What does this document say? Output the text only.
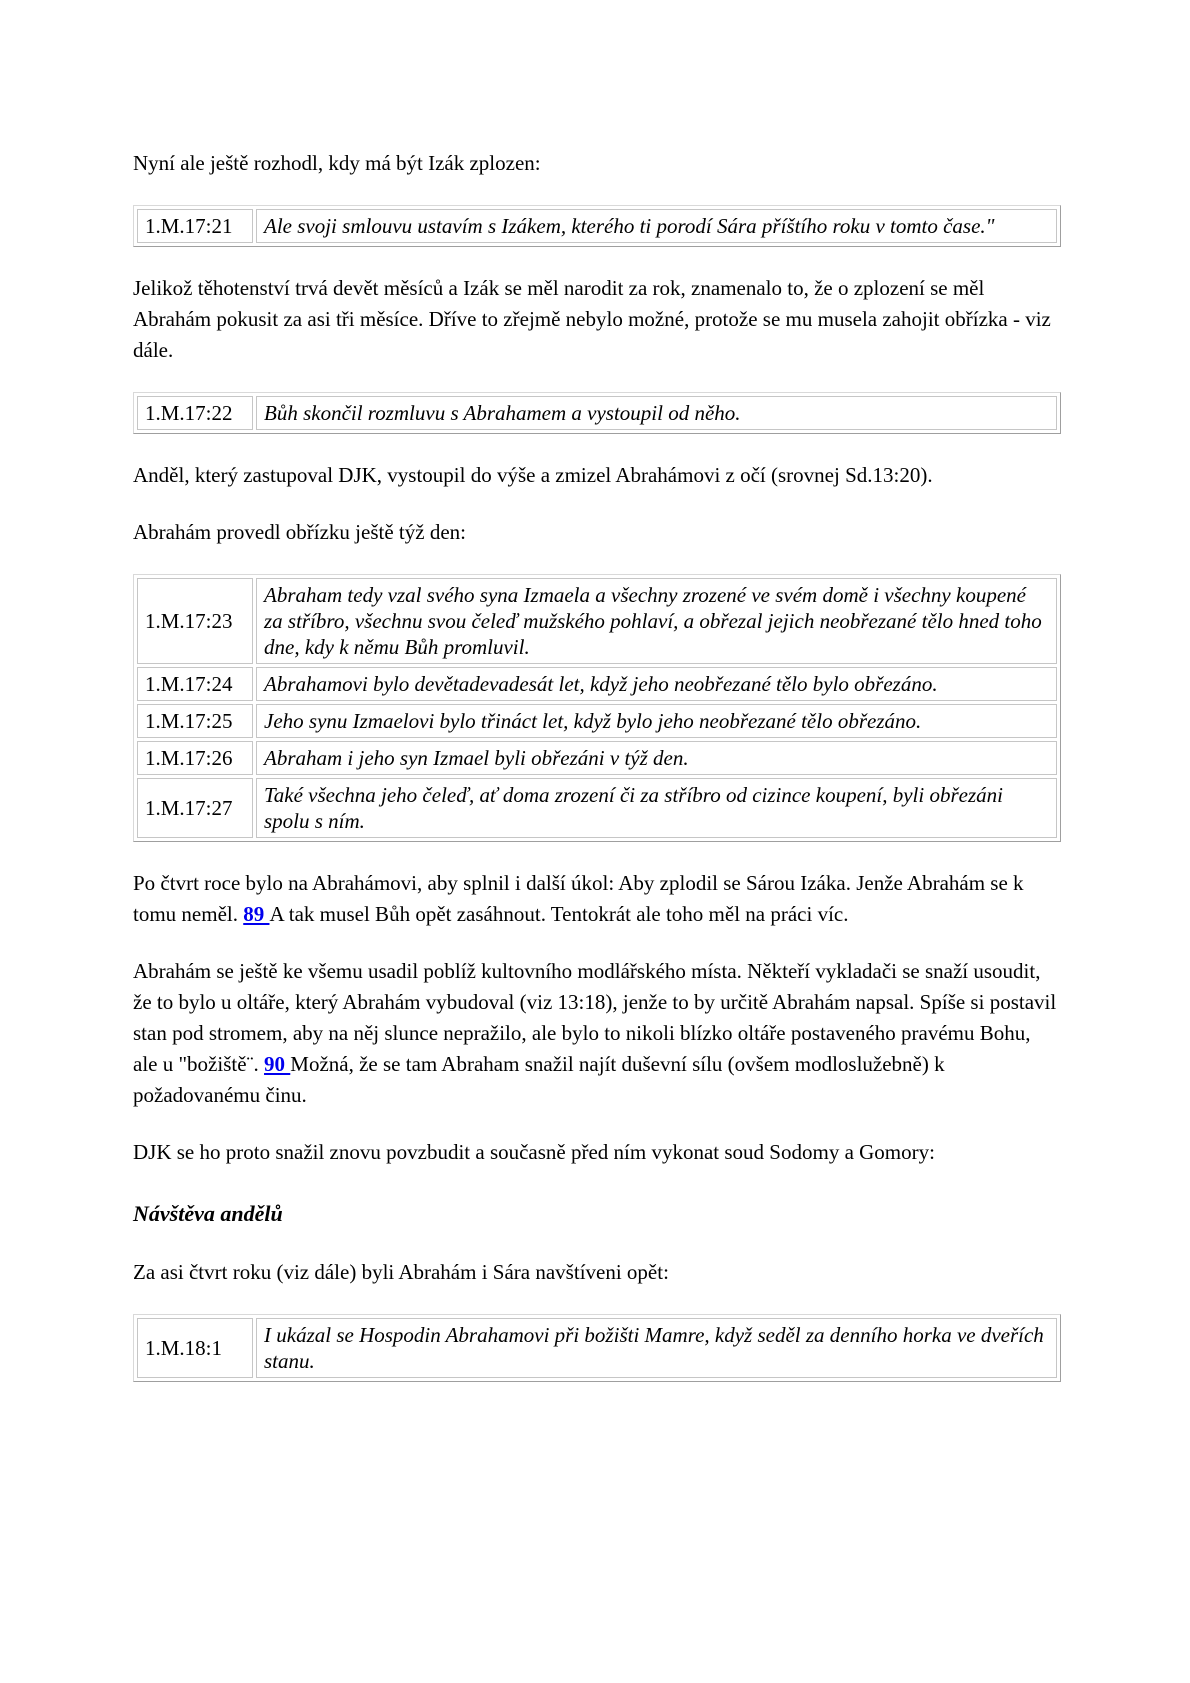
Nyní ale ještě rozhodl, kdy má být Izák zplozen:

1.M.17:21	Ale svoji smlouvu ustavím s Izákem, kterého ti porodí Sára příštího roku v tomto čase."

Jelikož těhotenství trvá devět měsíců a Izák se měl narodit za rok, znamenalo to, že o zplození se měl Abrahám pokusit za asi tři měsíce. Dříve to zřejmě nebylo možné, protože se mu musela zahojit obřízka - viz dále.

1.M.17:22	Bůh skončil rozmluvu s Abrahamem a vystoupil od něho.

Anděl, který zastupoval DJK, vystoupil do výše a zmizel Abrahámovi z očí (srovnej Sd.13:20).

Abrahám provedl obřízku ještě týž den:

1.M.17:23	Abraham tedy vzal svého syna Izmaela a všechny zrozené ve svém domě i všechny koupené za stříbro, všechnu svou čeleď mužského pohlaví, a obřezal jejich neobřezané tělo hned toho dne, kdy k němu Bůh promluvil.
1.M.17:24	Abrahamovi bylo devětadevadesát let, když jeho neobřezané tělo bylo obřezáno.
1.M.17:25	Jeho synu Izmaelovi bylo třináct let, když bylo jeho neobřezané tělo obřezáno.
1.M.17:26	Abraham i jeho syn Izmael byli obřezáni v týž den.
1.M.17:27	Také všechna jeho čeleď, ať doma zrození či za stříbro od cizince koupení, byli obřezáni spolu s ním.

Po čtvrt roce bylo na Abrahámovi, aby splnil i další úkol: Aby zplodil se Sárou Izáka. Jenže Abrahám se k tomu neměl. 89 A tak musel Bůh opět zasáhnout. Tentokrát ale toho měl na práci víc.

Abrahám se ještě ke všemu usadil poblíž kultovního modlářského místa. Někteří vykladači se snaží usoudit, že to bylo u oltáře, který Abrahám vybudoval (viz 13:18), jenže to by určitě Abrahám napsal. Spíše si postavil stan pod stromem, aby na něj slunce nepražilo, ale bylo to nikoli blízko oltáře postaveného pravému Bohu, ale u "božiště¨. 90 Možná, že se tam Abraham snažil najít duševní sílu (ovšem modloslužebně) k požadovanému činu.

DJK se ho proto snažil znovu povzbudit a současně před ním vykonat soud Sodomy a Gomory:

Návštěva andělů

Za asi čtvrt roku (viz dále) byli Abrahám i Sára navštíveni opět:

1.M.18:1	I ukázal se Hospodin Abrahamovi při božišti Mamre, když seděl za denního horka ve dveřích stanu.
